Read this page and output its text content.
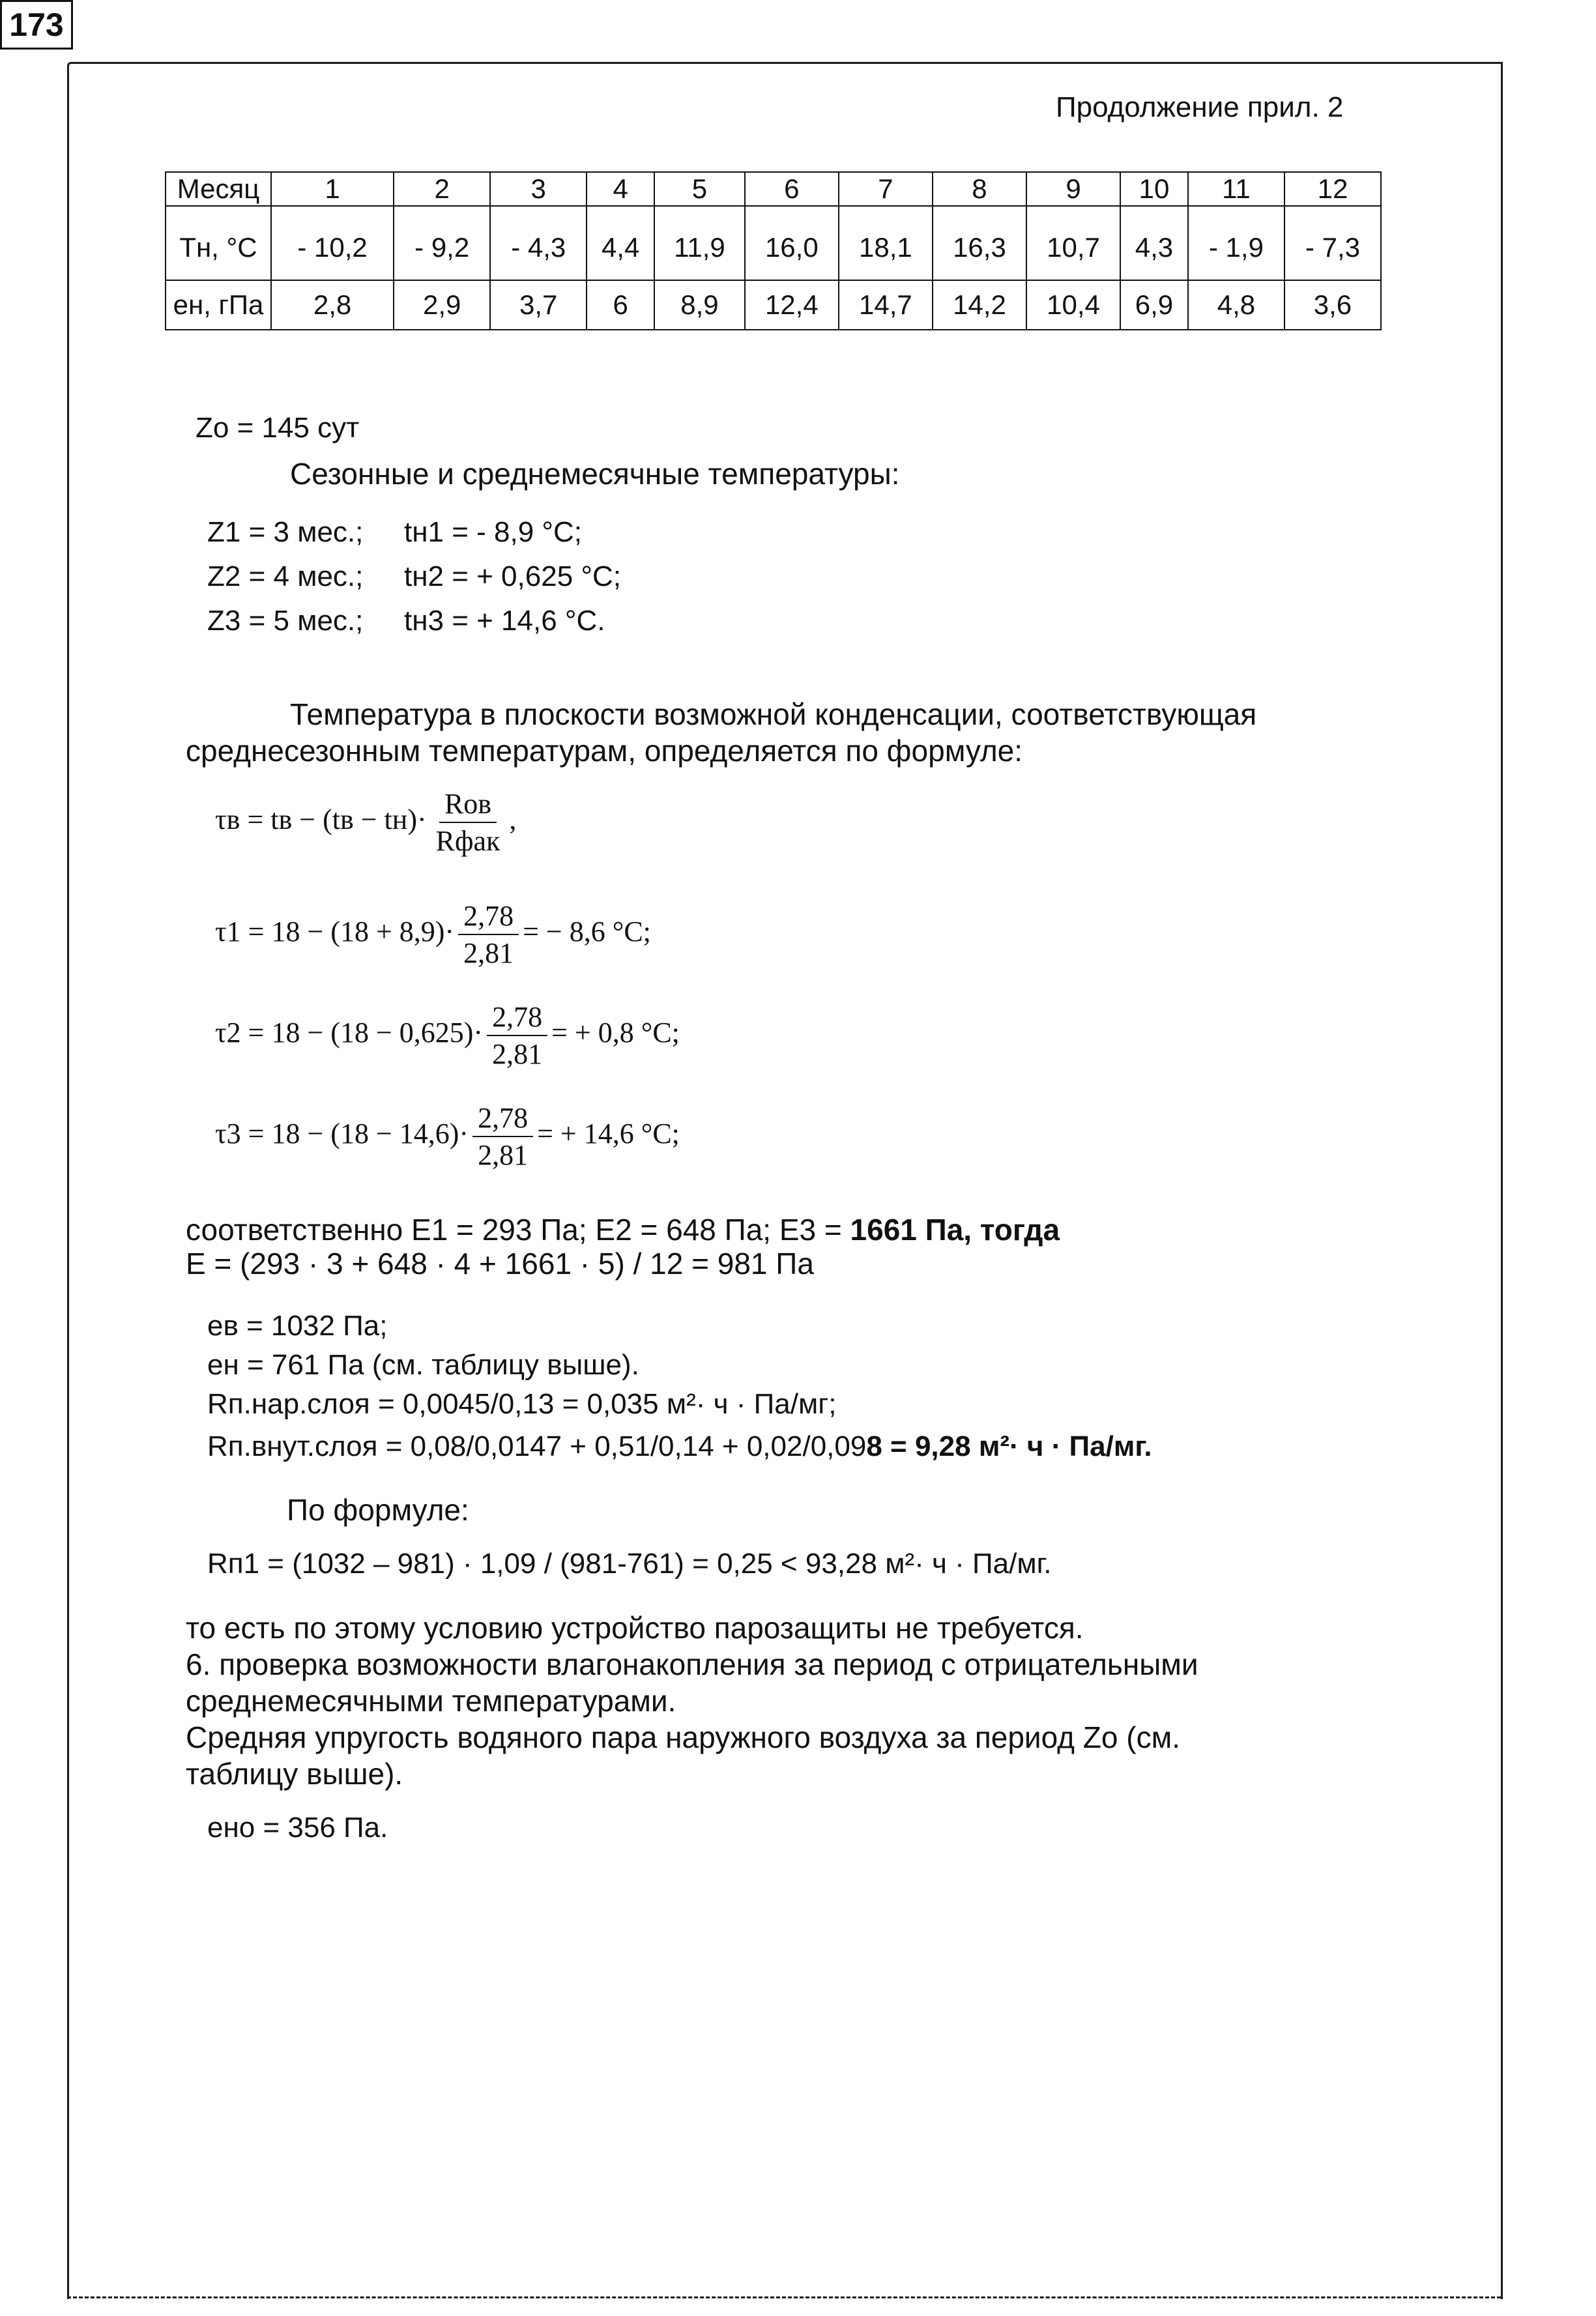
Продолжение прил. 2
173
Месяц	1	2	3	4	5	6	7	8	9	10	11	12
Тн, °С	- 10,2	- 9,2	- 4,3	4,4	11,9	16,0	18,1	16,3	10,7	4,3	- 1,9	- 7,3
ен, гПа	2,8	2,9	3,7	6	8,9	12,4	14,7	14,2	10,4	6,9	4,8	3,6
Zо = 145 сут
Сезонные и среднемесячные температуры:
Z1 = 3 мес.; tн1 = - 8,9 °C;
Z2 = 4 мес.; tн2 = + 0,625 °C;
Z3 = 5 мес.; tн3 = + 14,6 °C.
Температура в плоскости возможной конденсации, соответствующая среднесезонным температурам, определяется по формуле:
τв = tв − $(tв - tн)\cdot \frac{\text{Rов}}{\text{Rфак}}$ ,
$\tau 1 = 18 - (18 + 8,9)\cdot \frac{2,78}{2,81}$ = − 8,6 °C;
$\tau 2 = 18 - (18 - 0,625)\cdot \frac{2,78}{2,81}$ = + 0,8 °C;
$\tau 3 = 18 - (18 - 14,6)\cdot \frac{2,78}{2,81}$ = + 14,6 °C;
соответственно Е1 = 293 Па; Е2 = 648 Па; Е3 = 1661 Па, тогда
Е = (293 · 3 + 648 · 4 + 1661 · 5) / 12 = 981 Па
ев = 1032 Па;
ен = 761 Па (см. таблицу выше).
Rп.нар.слоя = 0,0045/0,13 = 0,035 м²· ч · Па/мг;
Rп.внут.слоя = 0,08/0,0147 + 0,51/0,14 + 0,02/0,098 = 9,28 м²· ч · Па/мг.
По формуле:
Rп1 = (1032 – 981) · 1,09 / (981-761) = 0,25 < 93,28 м²· ч · Па/мг.
то есть по этому условию устройство парозащиты не требуется.
6. проверка возможности влагонакопления за период с отрицательными
среднемесячными температурами.
Средняя упругость водяного пара наружного воздуха за период Zо (см.
таблицу выше).
ено = 356 Па.
